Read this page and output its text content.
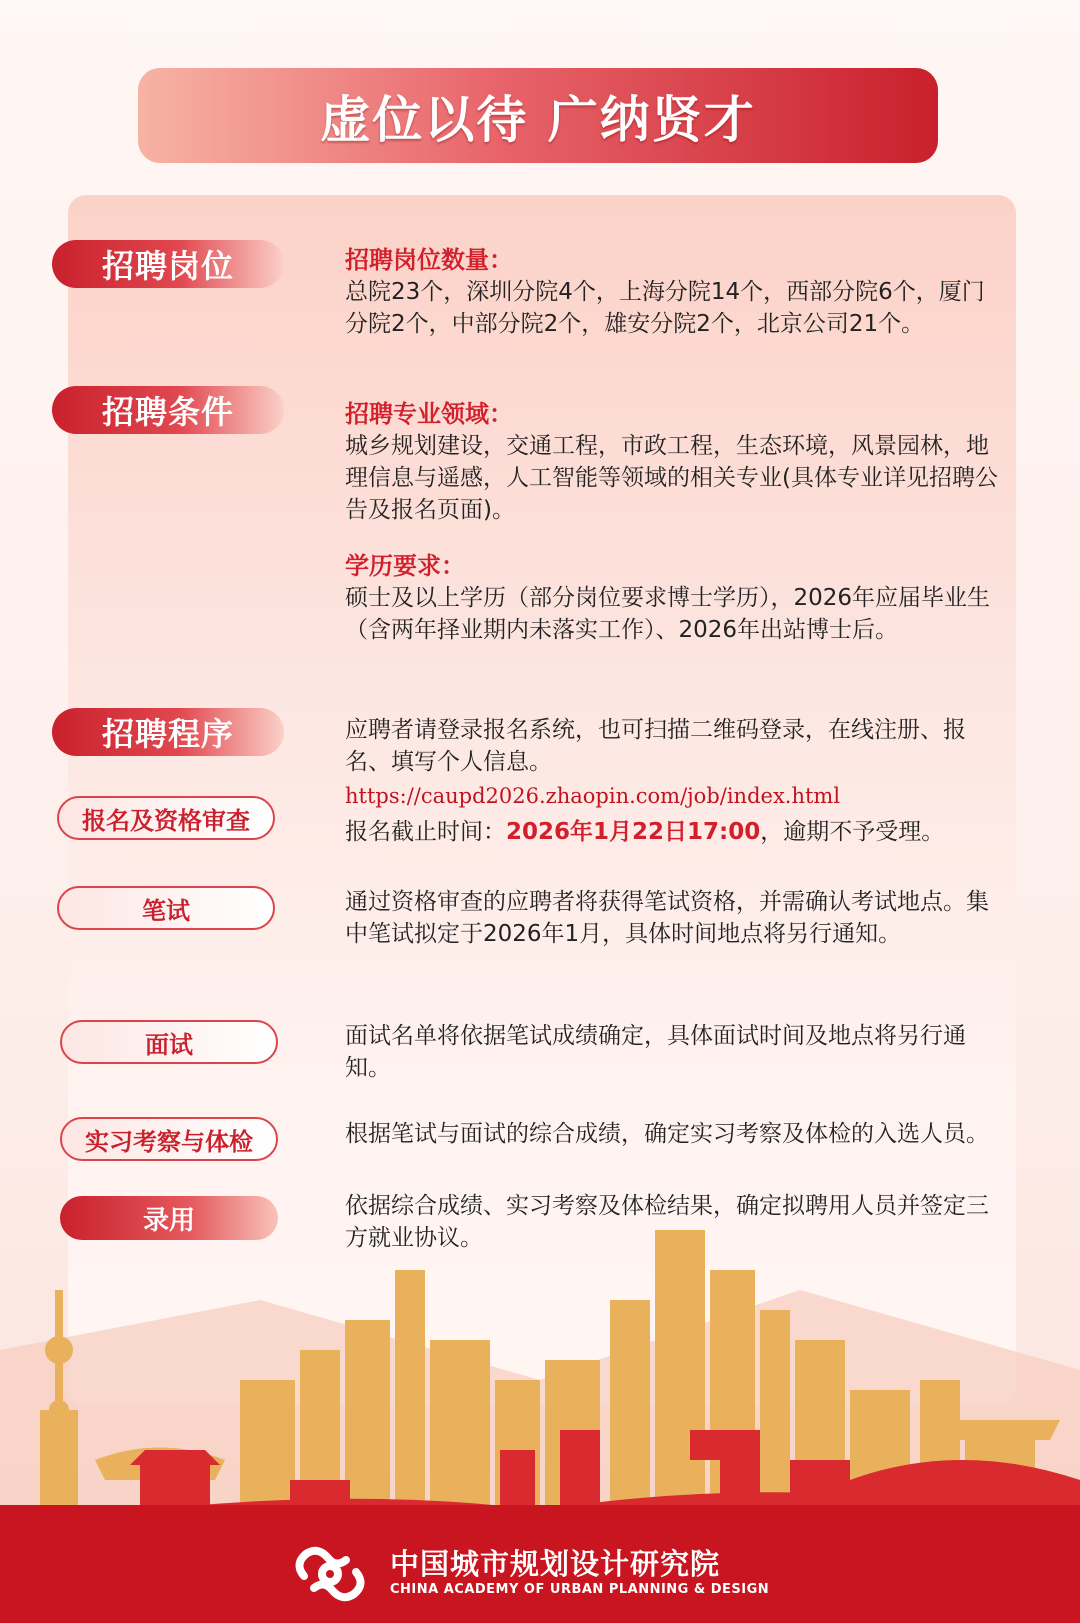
虚位以待 广纳贤才
招聘岗位	招聘岗位数量：
总院23个，深圳分院4个，上海分院14个，西部分院6个，厦门分院2个，中部分院2个，雄安分院2个，北京公司21个。
招聘条件	招聘专业领域：
城乡规划建设，交通工程，市政工程，生态环境，风景园林，地理信息与遥感，人工智能等领域的相关专业(具体专业详见招聘公告及报名页面)。
学历要求：
硕士及以上学历（部分岗位要求博士学历），2026年应届毕业生（含两年择业期内未落实工作）、2026年出站博士后。
招聘程序	应聘者请登录报名系统，也可扫描二维码登录，在线注册、报名、填写个人信息。
报名及资格审查
https://caupd2026.zhaopin.com/job/index.html
报名截止时间：2026年1月22日17:00，逾期不予受理。
笔试	通过资格审查的应聘者将获得笔试资格，并需确认考试地点。集中笔试拟定于2026年1月，具体时间地点将另行通知。
面试	面试名单将依据笔试成绩确定，具体面试时间及地点将另行通知。
实习考察与体检	根据笔试与面试的综合成绩，确定实习考察及体检的入选人员。
录用	依据综合成绩、实习考察及体检结果，确定拟聘用人员并签定三方就业协议。
中国城市规划设计研究院
CHINA ACADEMY OF URBAN PLANNING & DESIGN
